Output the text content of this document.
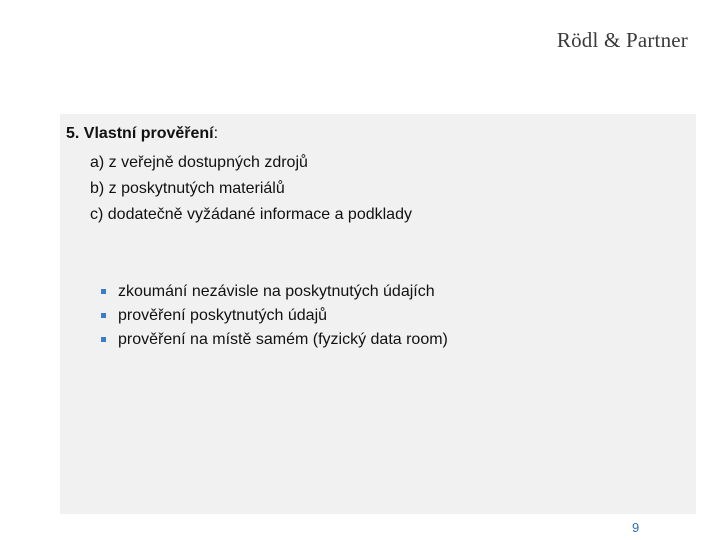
Rödl & Partner
5. Vlastní prověření:
a) z veřejně dostupných zdrojů
b) z poskytnutých materiálů
c) dodatečně vyžádané informace a podklady
zkoumání nezávisle na poskytnutých údajích
prověření poskytnutých údajů
prověření na místě samém (fyzický data room)
9
